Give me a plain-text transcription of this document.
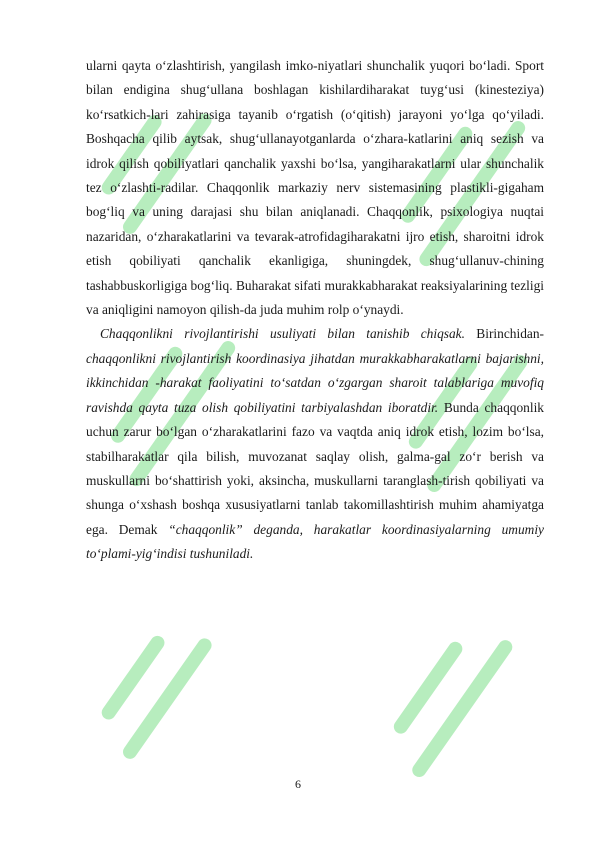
ularni qayta o‘zlashtirish, yangilash imko-niyatlari shunchalik yuqori bo‘ladi. Sport bilan endigina shug‘ullana boshlagan kishilardiharakat tuyg‘usi (kinesteziya) ko‘rsatkich-lari zahirasiga tayanib o‘rgatish (o‘qitish) jarayoni yo‘lga qo‘yiladi. Boshqacha qilib aytsak, shug‘ullanayotganlarda o‘zhara-katlarini aniq sezish va idrok qilish qobiliyatlari qanchalik yaxshi bo‘lsa, yangiharakatlarni ular shunchalik tez o‘zlashti-radilar. Chaqqonlik markaziy nerv sistemasining plastikli-gigaham bog‘liq va uning darajasi shu bilan aniqlanadi. Chaqqonlik, psixologiya nuqtai nazaridan, o‘zharakatlarini va tevarak-atrofidagiharakatni ijro etish, sharoitni idrok etish qobiliyati qanchalik ekanligiga, shuningdek, shug‘ullanuv-chining tashabbuskorligiga bog‘liq. Buharakat sifati murakkabharakat reaksiyalarining tezligi va aniqligini namoyon qilish-da juda muhim rolp o‘ynaydi.

Chaqqonlikni rivojlantirishi usuliyati bilan tanishib chiqsak. Birinchidan-chaqqonlikni rivojlantirish koordinasiya jihatdan murakkabharakatlarni bajarishni, ikkinchidan -harakat faoliyatini to‘satdan o‘zgargan sharoit talablariga muvofiq ravishda qayta tuza olish qobiliyatini tarbiyalashdan iboratdir. Bunda chaqqonlik uchun zarur bo‘lgan o‘zharakatlarini fazo va vaqtda aniq idrok etish, lozim bo‘lsa, stabilharakatlar qila bilish, muvozanat saqlay olish, galma-gal zo‘r berish va muskullarni bo‘shattirish yoki, aksincha, muskullarni taranglash-tirish qobiliyati va shunga o‘xshash boshqa xususiyatlarni tanlab takomillashtirish muhim ahamiyatga ega. Demak “chaqqonlik” deganda, harakatlar koordinasiyalarning umumiy to‘plami-yig‘indisi tushuniladi.

6
